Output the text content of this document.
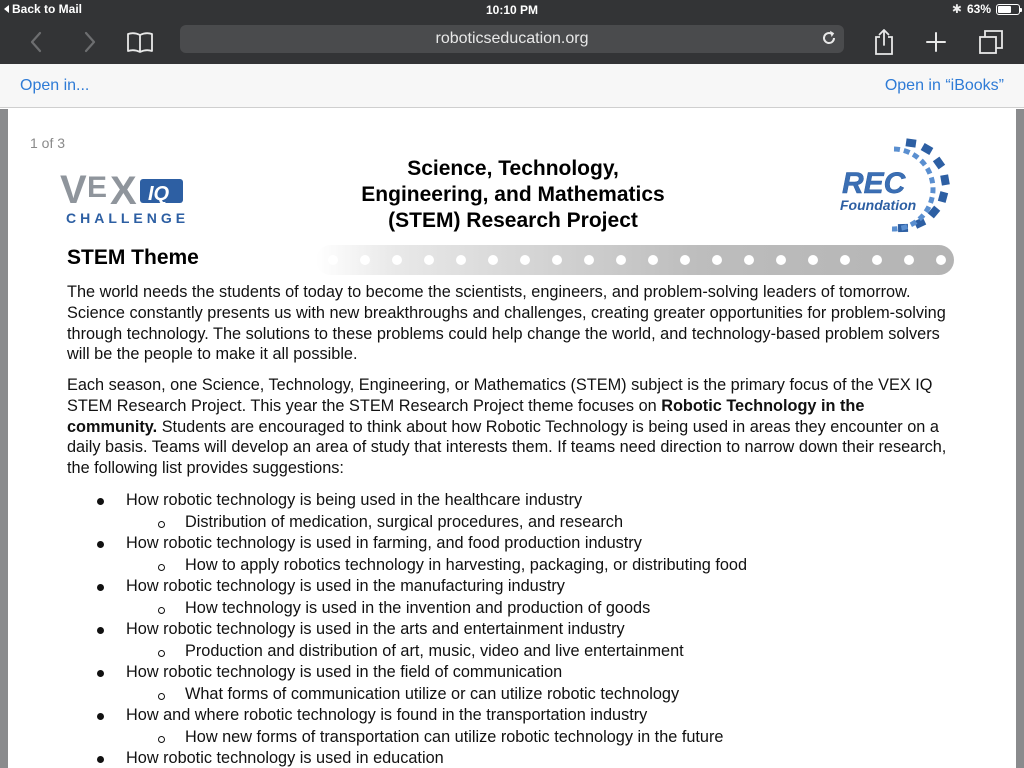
Back to Mail	10:10 PM	✱ 63%
roboticseducation.org
Open in...	Open in “iBooks”
1 of 3
V E X IQ
CHALLENGE
Science, Technology,
Engineering, and Mathematics
(STEM) Research Project
REC
Foundation
STEM Theme
The world needs the students of today to become the scientists, engineers, and problem-solving leaders of tomorrow. Science constantly presents us with new breakthroughs and challenges, creating greater opportunities for problem-solving through technology. The solutions to these problems could help change the world, and technology-based problem solvers will be the people to make it all possible.
Each season, one Science, Technology, Engineering, or Mathematics (STEM) subject is the primary focus of the VEX IQ STEM Research Project. This year the STEM Research Project theme focuses on Robotic Technology in the community. Students are encouraged to think about how Robotic Technology is being used in areas they encounter on a daily basis. Teams will develop an area of study that interests them. If teams need direction to narrow down their research, the following list provides suggestions:
How robotic technology is being used in the healthcare industry
Distribution of medication, surgical procedures, and research
How robotic technology is used in farming, and food production industry
How to apply robotics technology in harvesting, packaging, or distributing food
How robotic technology is used in the manufacturing industry
How technology is used in the invention and production of goods
How robotic technology is used in the arts and entertainment industry
Production and distribution of art, music, video and live entertainment
How robotic technology is used in the field of communication
What forms of communication utilize or can utilize robotic technology
How and where robotic technology is found in the transportation industry
How new forms of transportation can utilize robotic technology in the future
How robotic technology is used in education
